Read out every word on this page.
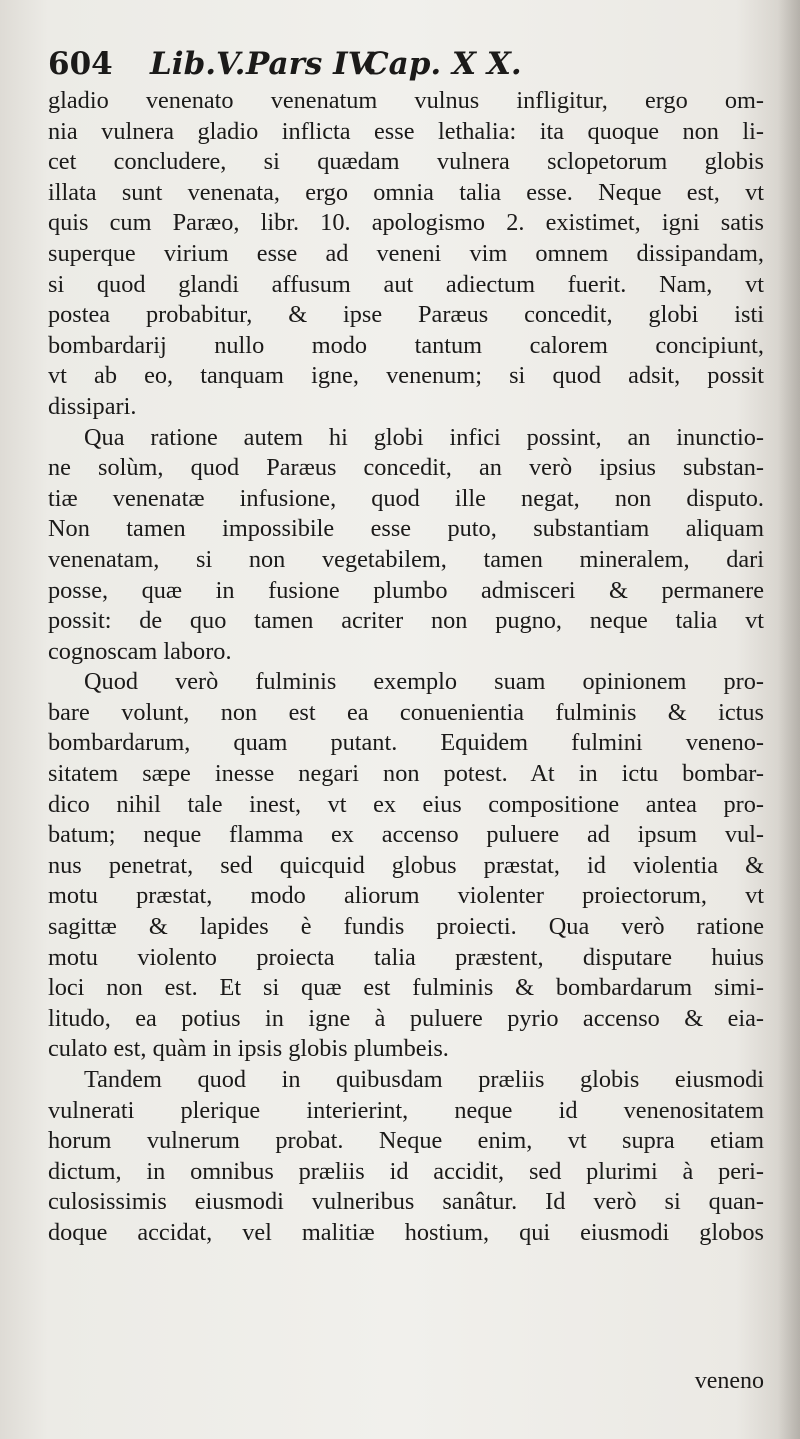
604	Lib.V. Pars IV.
Cap. X X.
gladio venenato venenatum vulnus infligitur, ergo om-
nia vulnera gladio inflicta esse lethalia: ita quoque non li-
cet concludere, si quædam vulnera sclopetorum globis
illata sunt venenata, ergo omnia talia esse. Neque est, vt
quis cum Paræo, libr. 10. apologismo 2. existimet, igni satis
superque virium esse ad veneni vim omnem dissipandam,
si quod glandi affusum aut adiectum fuerit. Nam, vt
postea probabitur, & ipse Paræus concedit, globi isti
bombardarij nullo modo tantum calorem concipiunt,
vt ab eo, tanquam igne, venenum; si quod adsit, possit
dissipari.
Qua ratione autem hi globi infici possint, an inunctio-
ne solùm, quod Paræus concedit, an verò ipsius substan-
tiæ venenatæ infusione, quod ille negat, non disputo.
Non tamen impossibile esse puto, substantiam aliquam
venenatam, si non vegetabilem, tamen mineralem, dari
posse, quæ in fusione plumbo admisceri & permanere
possit: de quo tamen acriter non pugno, neque talia vt
cognoscam laboro.
Quod verò fulminis exemplo suam opinionem pro-
bare volunt, non est ea conuenientia fulminis & ictus
bombardarum, quam putant. Equidem fulmini veneno-
sitatem sæpe inesse negari non potest. At in ictu bombar-
dico nihil tale inest, vt ex eius compositione antea pro-
batum; neque flamma ex accenso puluere ad ipsum vul-
nus penetrat, sed quicquid globus præstat, id violentia &
motu præstat, modo aliorum violenter proiectorum, vt
sagittæ & lapides è fundis proiecti. Qua verò ratione
motu violento proiecta talia præstent, disputare huius
loci non est. Et si quæ est fulminis & bombardarum simi-
litudo, ea potius in igne à puluere pyrio accenso & eia-
culato est, quàm in ipsis globis plumbeis.
Tandem quod in quibusdam præliis globis eiusmodi
vulnerati plerique interierint, neque id venenositatem
horum vulnerum probat. Neque enim, vt supra etiam
dictum, in omnibus præliis id accidit, sed plurimi à peri-
culosissimis eiusmodi vulneribus sanâtur. Id verò si quan-
doque accidat, vel malitiæ hostium, qui eiusmodi globos
veneno
